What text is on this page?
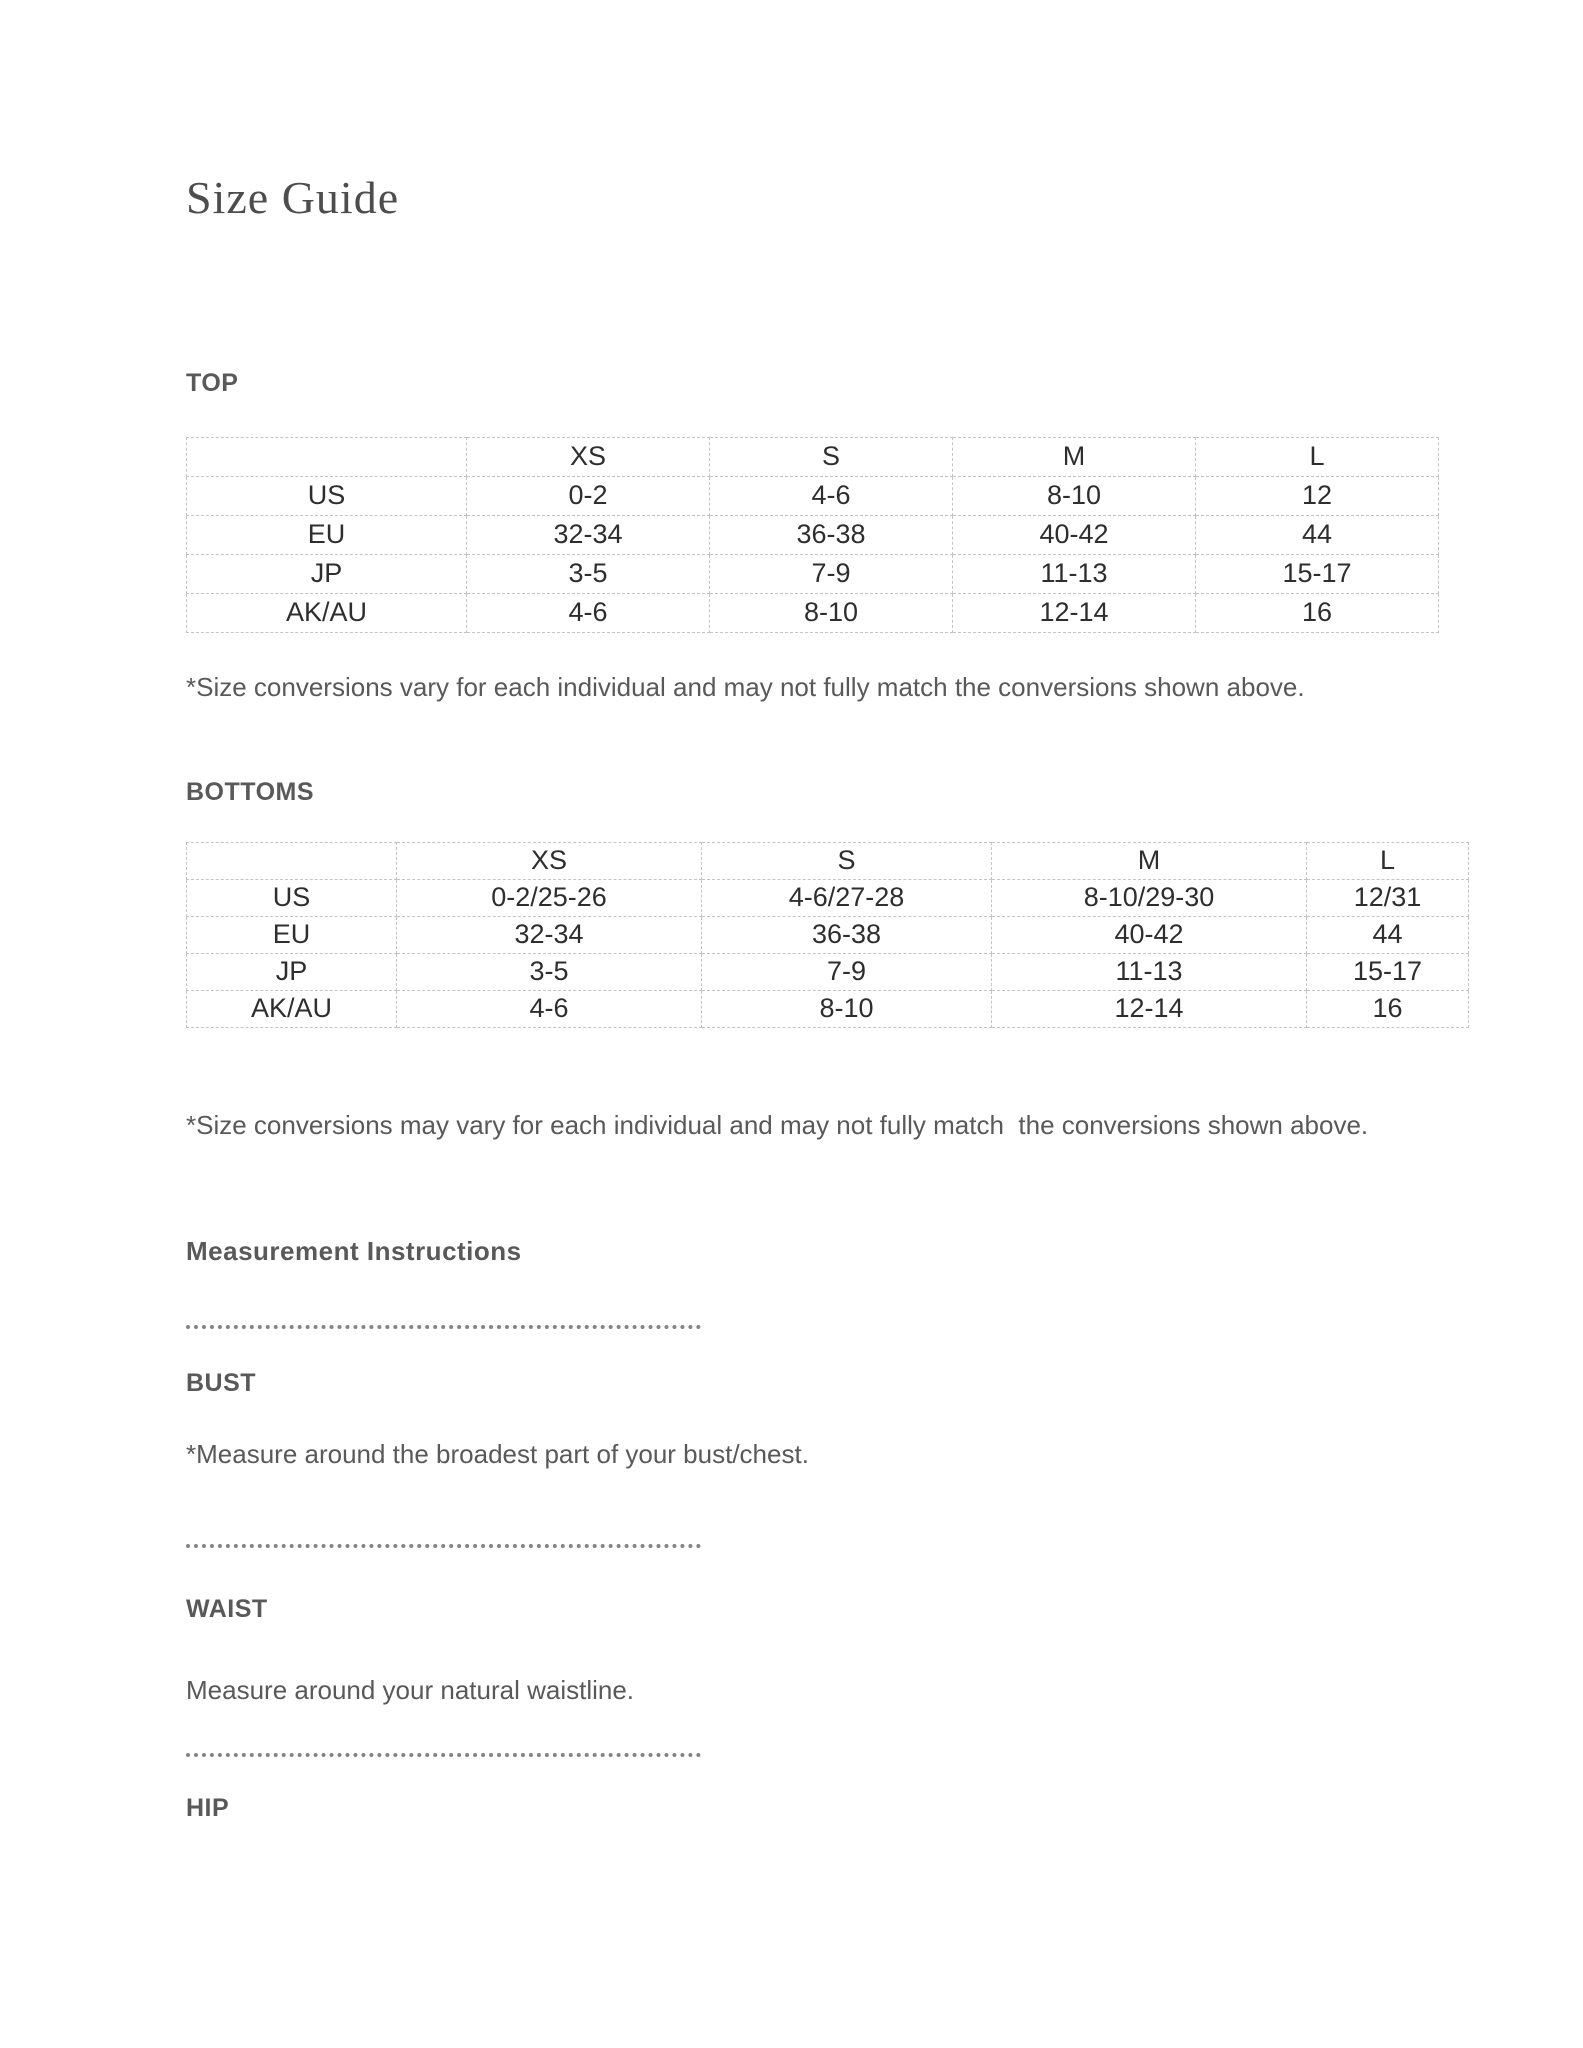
Size Guide
TOP
	XS	S	M	L
US	0-2	4-6	8-10	12
EU	32-34	36-38	40-42	44
JP	3-5	7-9	11-13	15-17
AK/AU	4-6	8-10	12-14	16

*Size conversions vary for each individual and may not fully match the conversions shown above.

BOTTOMS
	XS	S	M	L
US	0-2/25-26	4-6/27-28	8-10/29-30	12/31
EU	32-34	36-38	40-42	44
JP	3-5	7-9	11-13	15-17
AK/AU	4-6	8-10	12-14	16

*Size conversions may vary for each individual and may not fully match  the conversions shown above.

Measurement Instructions
BUST

*Measure around the broadest part of your bust/chest.

WAIST

Measure around your natural waistline.

HIP
